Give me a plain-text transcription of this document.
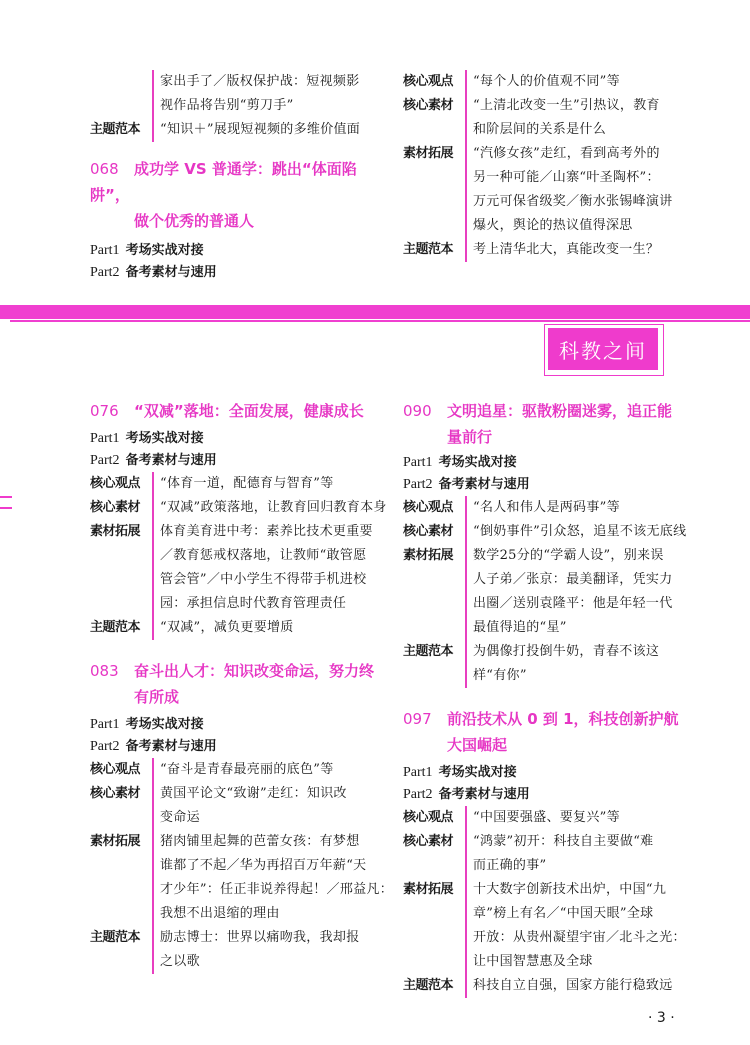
家出手了／版权保护战：短视频影
视作品将告别“剪刀手”
主题范本	“知识＋”展现短视频的多维价值面
068 成功学 VS 普通学：跳出“体面陷阱”，
做个优秀的普通人
Part1 考场实战对接
Part2 备考素材与速用
核心观点	“每个人的价值观不同”等
核心素材	“上清北改变一生”引热议，教育
和阶层间的关系是什么
素材拓展	“汽修女孩”走红，看到高考外的
另一种可能／山寨“叶圣陶杯”：
万元可保省级奖／衡水张锡峰演讲
爆火，舆论的热议值得深思
主题范本	考上清华北大，真能改变一生？
科教之间
076 “双减”落地：全面发展，健康成长
Part1 考场实战对接
Part2 备考素材与速用
核心观点	“体育一道，配德育与智育”等
核心素材	“双减”政策落地，让教育回归教育本身
素材拓展	体育美育进中考：素养比技术更重要
／教育惩戒权落地，让教师“敢管愿
管会管”／中小学生不得带手机进校
园：承担信息时代教育管理责任
主题范本	“双减”，减负更要增质
083 奋斗出人才：知识改变命运，努力终
有所成
Part1 考场实战对接
Part2 备考素材与速用
核心观点	“奋斗是青春最亮丽的底色”等
核心素材	黄国平论文“致谢”走红：知识改
变命运
素材拓展	猪肉铺里起舞的芭蕾女孩：有梦想
谁都了不起／华为再招百万年薪“天
才少年”：任正非说养得起！／邢益凡：
我想不出退缩的理由
主题范本	励志博士：世界以痛吻我，我却报
之以歌
090 文明追星：驱散粉圈迷雾，追正能
量前行
Part1 考场实战对接
Part2 备考素材与速用
核心观点	“名人和伟人是两码事”等
核心素材	“倒奶事件”引众怒，追星不该无底线
素材拓展	数学25分的“学霸人设”，别来误
人子弟／张京：最美翻译，凭实力
出圈／送别袁隆平：他是年轻一代
最值得追的“星”
主题范本	为偶像打投倒牛奶，青春不该这
样“有你”
097 前沿技术从 0 到 1，科技创新护航
大国崛起
Part1 考场实战对接
Part2 备考素材与速用
核心观点	“中国要强盛、要复兴”等
核心素材	“鸿蒙”初开：科技自主要做“难
而正确的事”
素材拓展	十大数字创新技术出炉，中国“九
章”榜上有名／“中国天眼”全球
开放：从贵州凝望宇宙／北斗之光：
让中国智慧惠及全球
主题范本	科技自立自强，国家方能行稳致远
· 3 ·
